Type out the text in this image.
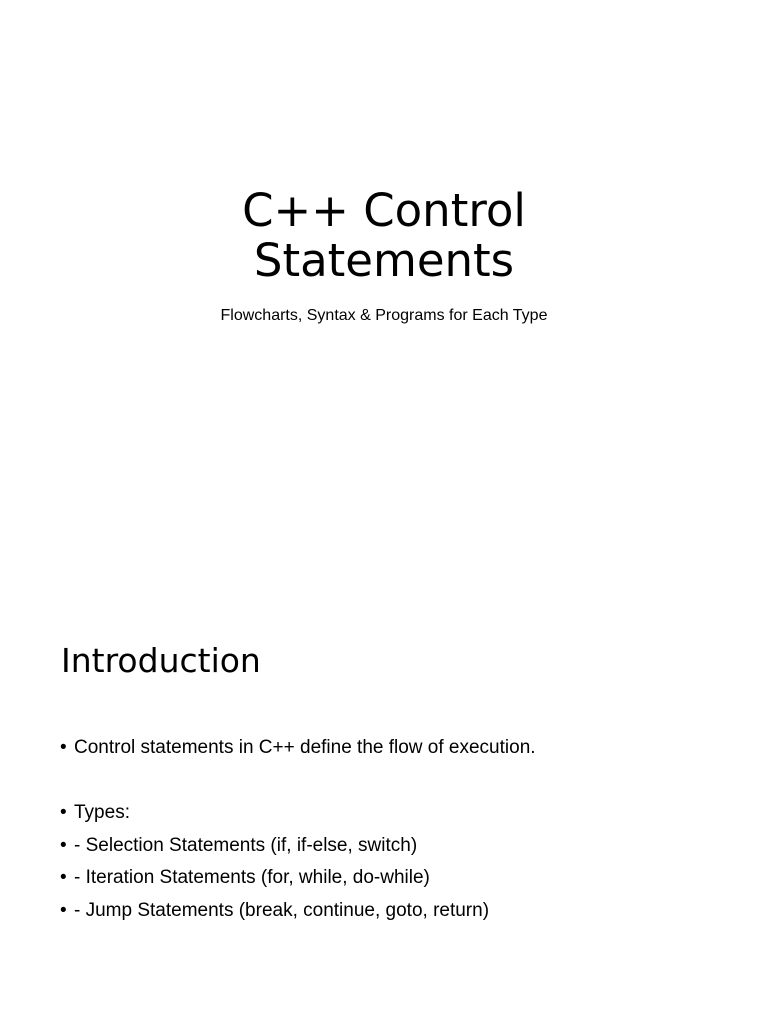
C++ Control
Statements
Flowcharts, Syntax & Programs for Each Type
Introduction
• Control statements in C++ define the flow of execution.
• Types:
• - Selection Statements (if, if-else, switch)
• - Iteration Statements (for, while, do-while)
• - Jump Statements (break, continue, goto, return)
